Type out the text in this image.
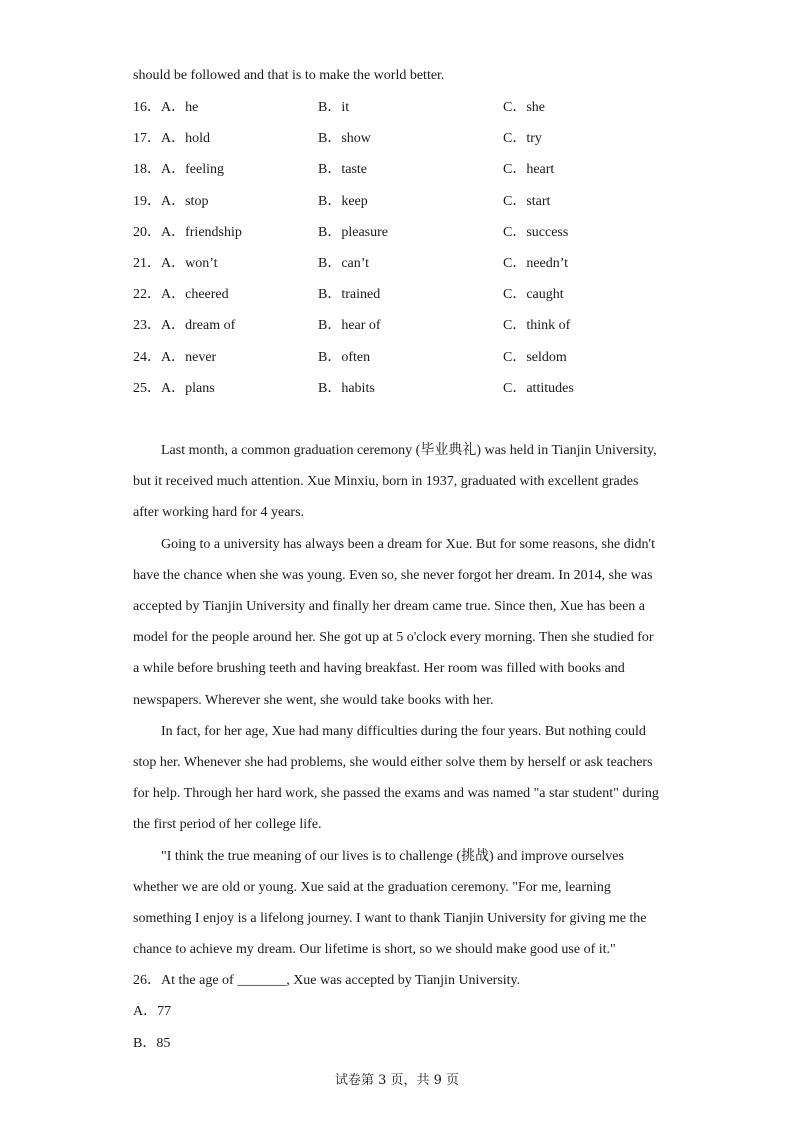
should be followed and that is to make the world better.
16． A．he	B．it	C．she
17． A．hold	B．show	C．try
18． A．feeling	B．taste	C．heart
19． A．stop	B．keep	C．start
20． A．friendship	B．pleasure	C．success
21． A．won’t	B．can’t	C．needn’t
22． A．cheered	B．trained	C．caught
23． A．dream of	B．hear of	C．think of
24． A．never	B．often	C．seldom
25． A．plans	B．habits	C．attitudes
Last month, a common graduation ceremony (毕业典礼) was held in Tianjin University,
but it received much attention. Xue Minxiu, born in 1937, graduated with excellent grades
after working hard for 4 years.
Going to a university has always been a dream for Xue. But for some reasons, she didn't
have the chance when she was young. Even so, she never forgot her dream. In 2014, she was
accepted by Tianjin University and finally her dream came true. Since then, Xue has been a
model for the people around her. She got up at 5 o'clock every morning. Then she studied for
a while before brushing teeth and having breakfast. Her room was filled with books and
newspapers. Wherever she went, she would take books with her.
In fact, for her age, Xue had many difficulties during the four years. But nothing could
stop her. Whenever she had problems, she would either solve them by herself or ask teachers
for help. Through her hard work, she passed the exams and was named "a star student" during
the first period of her college life.
"I think the true meaning of our lives is to challenge (挑战) and improve ourselves
whether we are old or young. Xue said at the graduation ceremony. "For me, learning
something I enjoy is a lifelong journey. I want to thank Tianjin University for giving me the
chance to achieve my dream. Our lifetime is short, so we should make good use of it."
26．At the age of _______, Xue was accepted by Tianjin University.
A．77
B．85
试卷第 3 页，共 9 页
